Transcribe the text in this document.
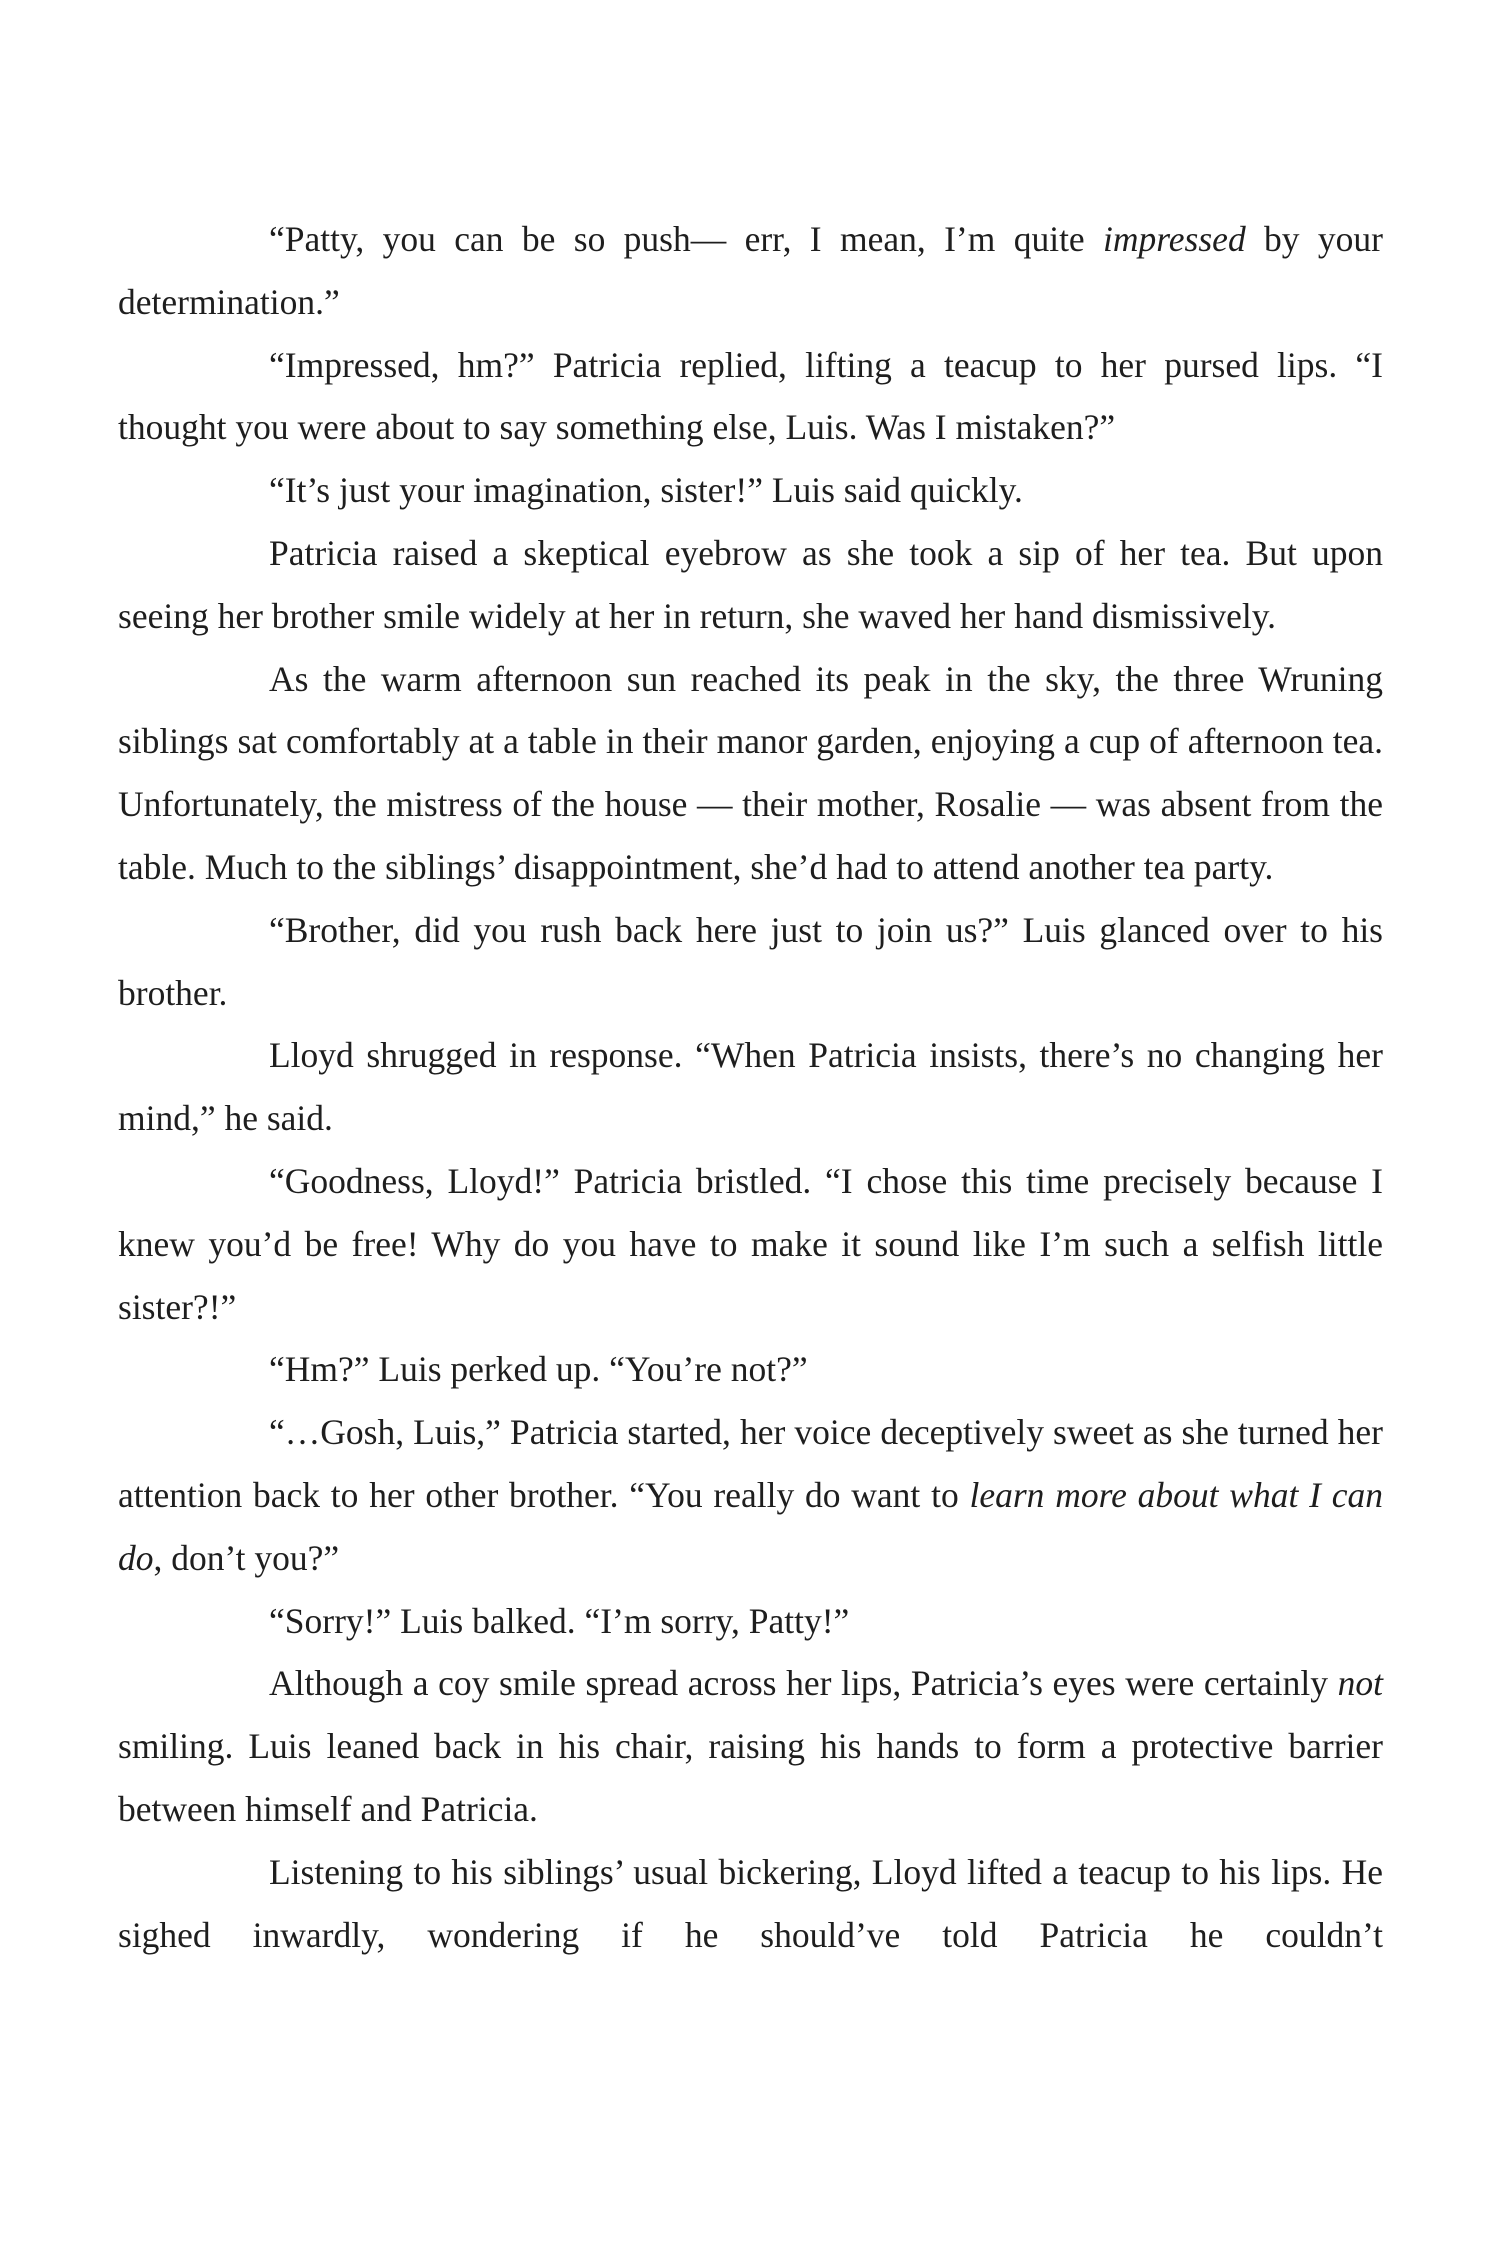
“Patty, you can be so push— err, I mean, I’m quite impressed by your determination.”

“Impressed, hm?” Patricia replied, lifting a teacup to her pursed lips. “I thought you were about to say something else, Luis. Was I mistaken?”

“It’s just your imagination, sister!” Luis said quickly.

Patricia raised a skeptical eyebrow as she took a sip of her tea. But upon seeing her brother smile widely at her in return, she waved her hand dismissively.

As the warm afternoon sun reached its peak in the sky, the three Wruning siblings sat comfortably at a table in their manor garden, enjoying a cup of afternoon tea. Unfortunately, the mistress of the house — their mother, Rosalie — was absent from the table. Much to the siblings’ disappointment, she’d had to attend another tea party.

“Brother, did you rush back here just to join us?” Luis glanced over to his brother.

Lloyd shrugged in response. “When Patricia insists, there’s no changing her mind,” he said.

“Goodness, Lloyd!” Patricia bristled. “I chose this time precisely because I knew you’d be free! Why do you have to make it sound like I’m such a selfish little sister?!”

“Hm?” Luis perked up. “You’re not?”

“…Gosh, Luis,” Patricia started, her voice deceptively sweet as she turned her attention back to her other brother. “You really do want to learn more about what I can do, don’t you?”

“Sorry!” Luis balked. “I’m sorry, Patty!”

Although a coy smile spread across her lips, Patricia’s eyes were certainly not smiling. Luis leaned back in his chair, raising his hands to form a protective barrier between himself and Patricia.

Listening to his siblings’ usual bickering, Lloyd lifted a teacup to his lips. He sighed inwardly, wondering if he should’ve told Patricia he couldn’t
